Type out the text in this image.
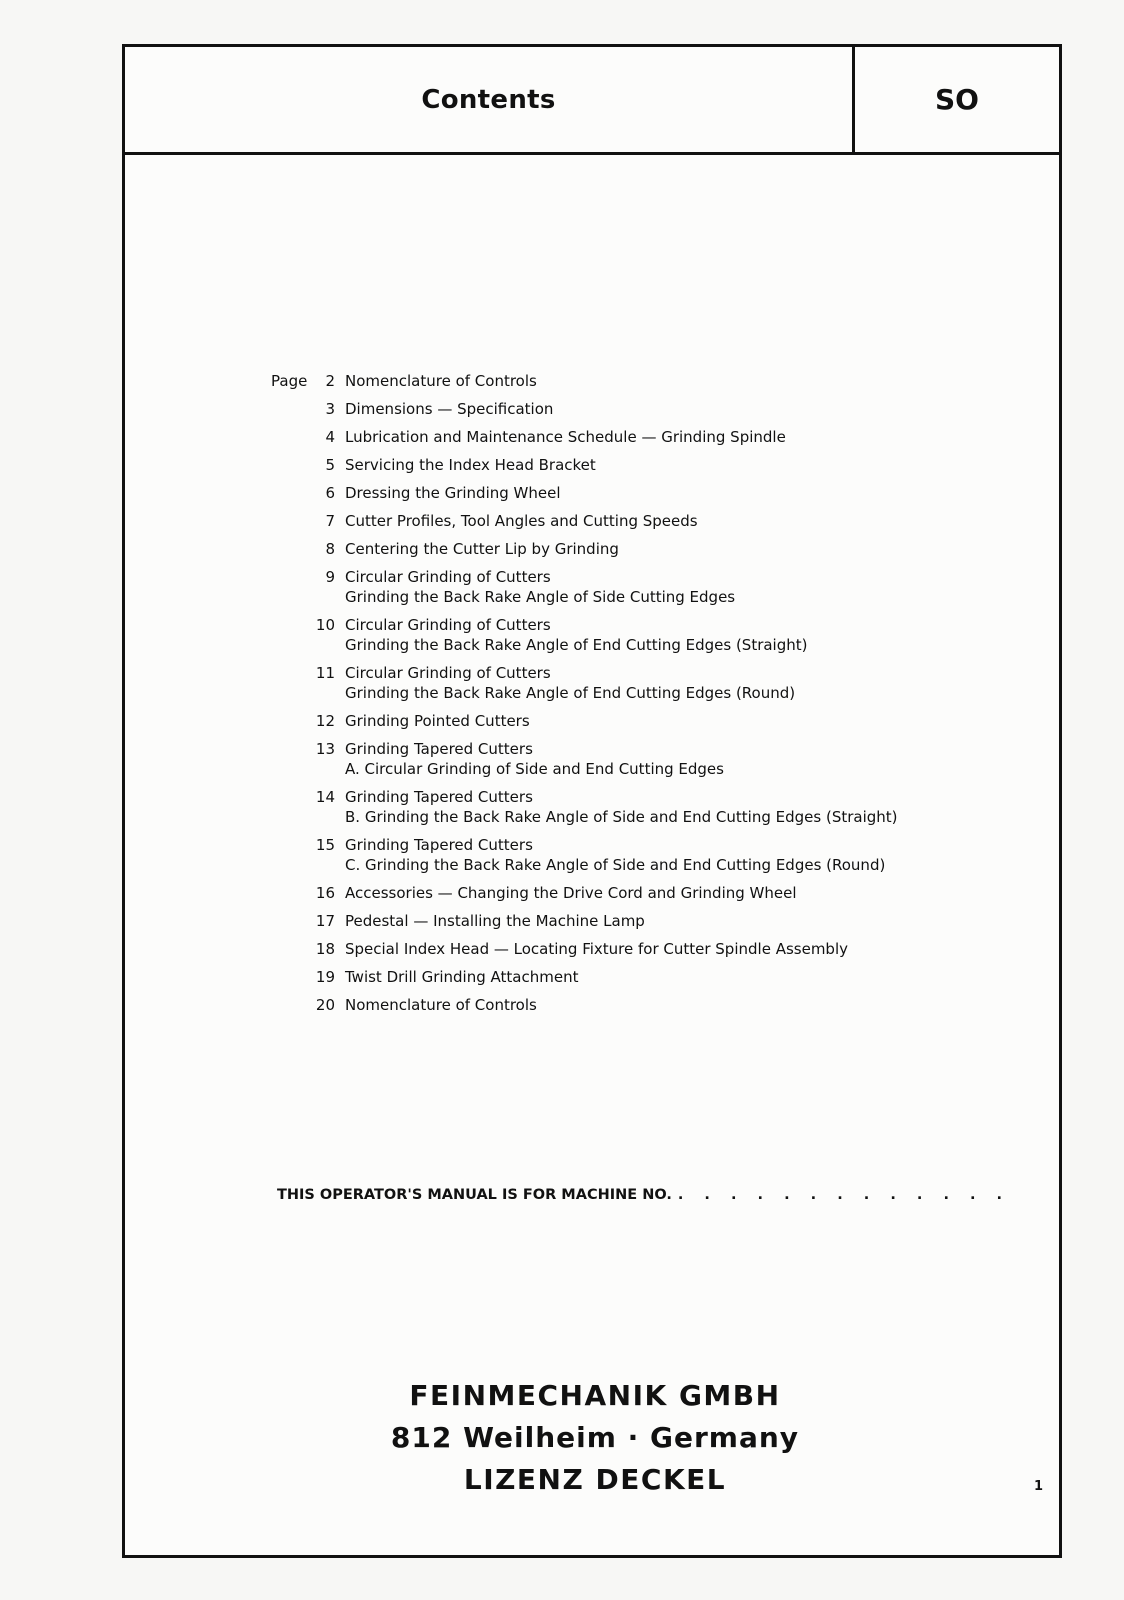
Contents	SO
Page	2 Nomenclature of Controls
3 Dimensions — Specification
4 Lubrication and Maintenance Schedule — Grinding Spindle
5 Servicing the Index Head Bracket
6 Dressing the Grinding Wheel
7 Cutter Profiles, Tool Angles and Cutting Speeds
8 Centering the Cutter Lip by Grinding
9 Circular Grinding of Cutters
Grinding the Back Rake Angle of Side Cutting Edges
10 Circular Grinding of Cutters
Grinding the Back Rake Angle of End Cutting Edges (Straight)
11 Circular Grinding of Cutters
Grinding the Back Rake Angle of End Cutting Edges (Round)
12 Grinding Pointed Cutters
13 Grinding Tapered Cutters
A. Circular Grinding of Side and End Cutting Edges
14 Grinding Tapered Cutters
B. Grinding the Back Rake Angle of Side and End Cutting Edges (Straight)
15 Grinding Tapered Cutters
C. Grinding the Back Rake Angle of Side and End Cutting Edges (Round)
16 Accessories — Changing the Drive Cord and Grinding Wheel
17 Pedestal — Installing the Machine Lamp
18 Special Index Head — Locating Fixture for Cutter Spindle Assembly
19 Twist Drill Grinding Attachment
20 Nomenclature of Controls
THIS OPERATOR'S MANUAL IS FOR MACHINE NO. . . . . . . . . . . . . .
FEINMECHANIK GMBH
812 Weilheim · Germany
LIZENZ DECKEL	1
